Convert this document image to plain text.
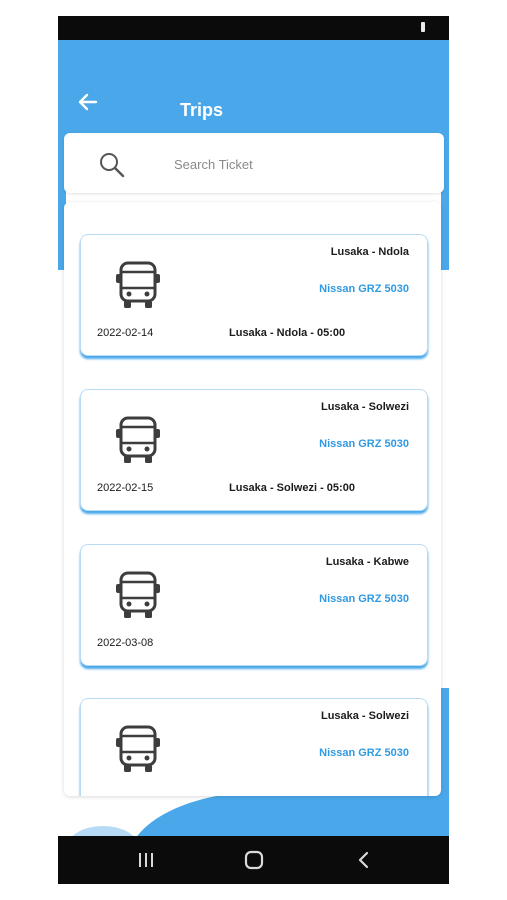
Trips
Search Ticket
Lusaka - Ndola
Nissan GRZ 5030
2022-02-14	Lusaka - Ndola - 05:00
Lusaka - Solwezi
Nissan GRZ 5030
2022-02-15	Lusaka - Solwezi - 05:00
Lusaka - Kabwe
Nissan GRZ 5030
2022-03-08
Lusaka - Solwezi
Nissan GRZ 5030
